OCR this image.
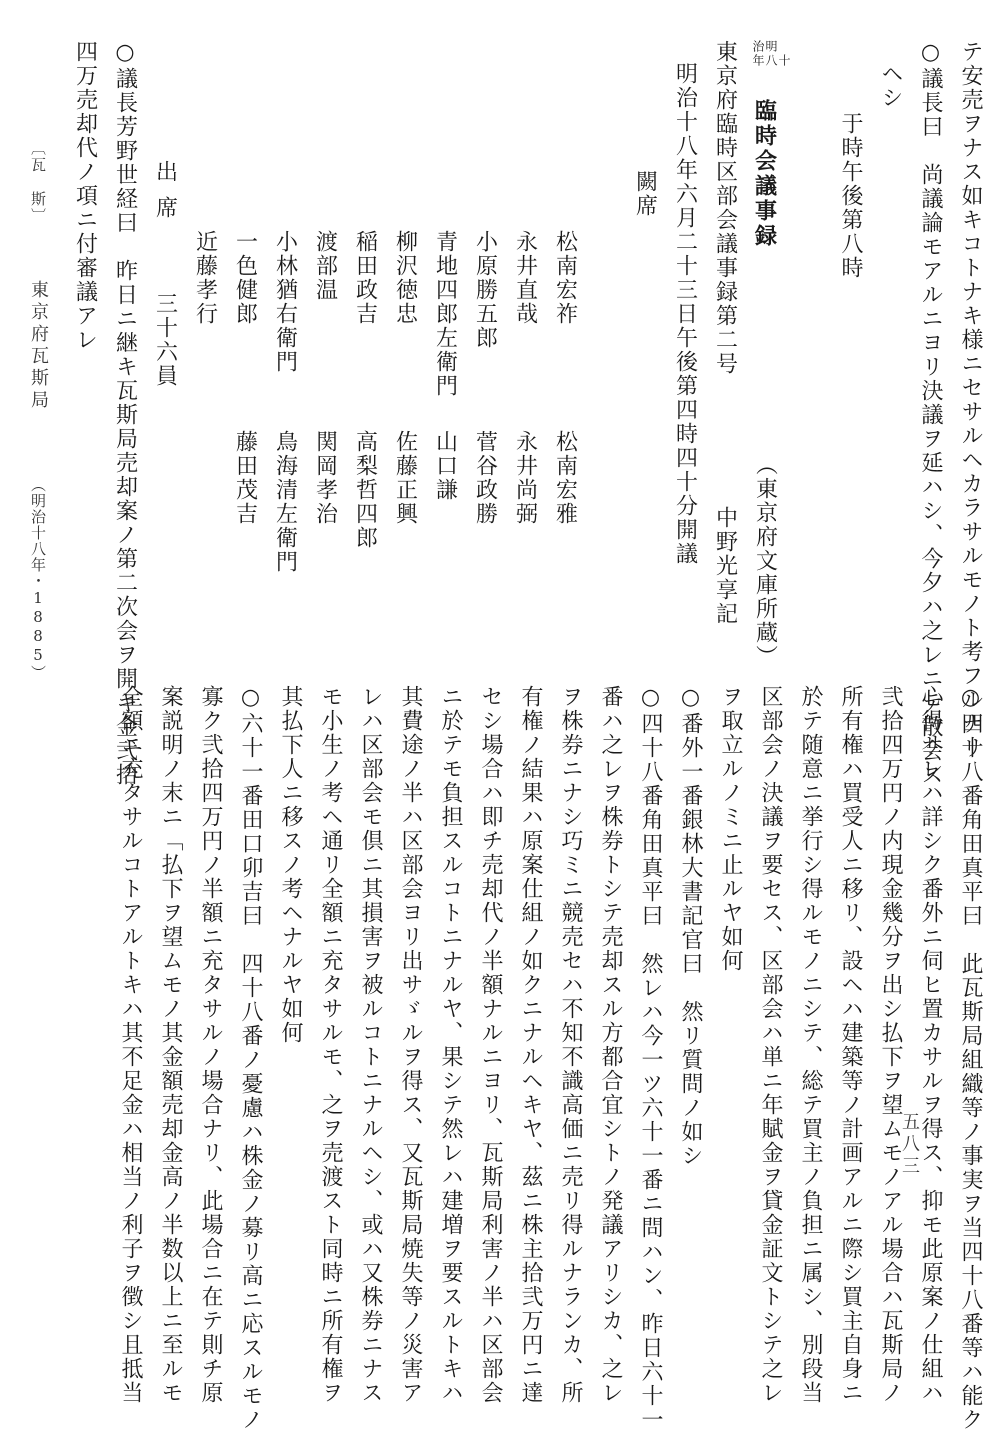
テ安売ヲナス如キコトナキ様ニセサルヘカラサルモノト考フルナリ
○議長曰　尚議論モアルニヨリ決議ヲ延ハシ、今夕ハ之レニテ散会ス
ヘシ
于時午後第八時
明
治
十
八
年
臨時会議事録  （東京府文庫所蔵）
東京府臨時区部会議事録第二号中野光享記
明治十八年六月二十三日午後第四時四十分開議
闕席
松南宏祚松南宏雅
永井直哉永井尚弼
小原勝五郎菅谷政勝
青地四郎左衛門山口謙
柳沢徳忠佐藤正興
稲田政吉高梨哲四郎
渡部温関岡孝治
小林猶右衛門鳥海清左衛門
一色健郎藤田茂吉
近藤孝行
出席三十六員
○議長芳野世経曰　昨日ニ継キ瓦斯局売却案ノ第二次会ヲ開キ金弐拾
四万売却代ノ項ニ付審議アレ
○四十八番角田真平曰　此瓦斯局組織等ノ事実ヲ当四十八番等ハ能ク
心得サレハ詳シク番外ニ伺ヒ置カサルヲ得ス、抑モ此原案ノ仕組ハ
弐拾四万円ノ内現金幾分ヲ出シ払下ヲ望ムモノアル場合ハ瓦斯局ノ
所有権ハ買受人ニ移リ、設ヘハ建築等ノ計画アルニ際シ買主自身ニ
於テ随意ニ挙行シ得ルモノニシテ、総テ買主ノ負担ニ属シ、別段当
区部会ノ決議ヲ要セス、区部会ハ単ニ年賦金ヲ貸金証文トシテ之レ
ヲ取立ルノミニ止ルヤ如何
○番外一番銀林大書記官曰　然リ質問ノ如シ
○四十八番角田真平曰　然レハ今一ツ六十一番ニ問ハン、昨日六十一
番ハ之レヲ株券トシテ売却スル方都合宜シトノ発議アリシカ、之レ
ヲ株券ニナシ巧ミニ競売セハ不知不識高価ニ売リ得ルナランカ、所
有権ノ結果ハ原案仕組ノ如クニナルヘキヤ、茲ニ株主拾弐万円ニ達
セシ場合ハ即チ売却代ノ半額ナルニヨリ、瓦斯局利害ノ半ハ区部会
ニ於テモ負担スルコトニナルヤ、果シテ然レハ建増ヲ要スルトキハ
其費途ノ半ハ区部会ヨリ出サゞルヲ得ス、又瓦斯局焼失等ノ災害ア
レハ区部会モ倶ニ其損害ヲ被ルコトニナルヘシ、或ハ又株券ニナス
モ小生ノ考ヘ通リ全額ニ充タサルモ、之ヲ売渡スト同時ニ所有権ヲ
其払下人ニ移スノ考ヘナルヤ如何
○六十一番田口卯吉曰　四十八番ノ憂慮ハ株金ノ募リ高ニ応スルモノ
寡ク弐拾四万円ノ半額ニ充タサルノ場合ナリ、此場合ニ在テ則チ原
案説明ノ末ニ「払下ヲ望ムモノ其金額売却金高ノ半数以上ニ至ルモ
全額ニ充タサルコトアルトキハ其不足金ハ相当ノ利子ヲ徴シ且抵当
〔瓦　斯〕 東京府瓦斯局 （明治十八年・1885）
五八三
